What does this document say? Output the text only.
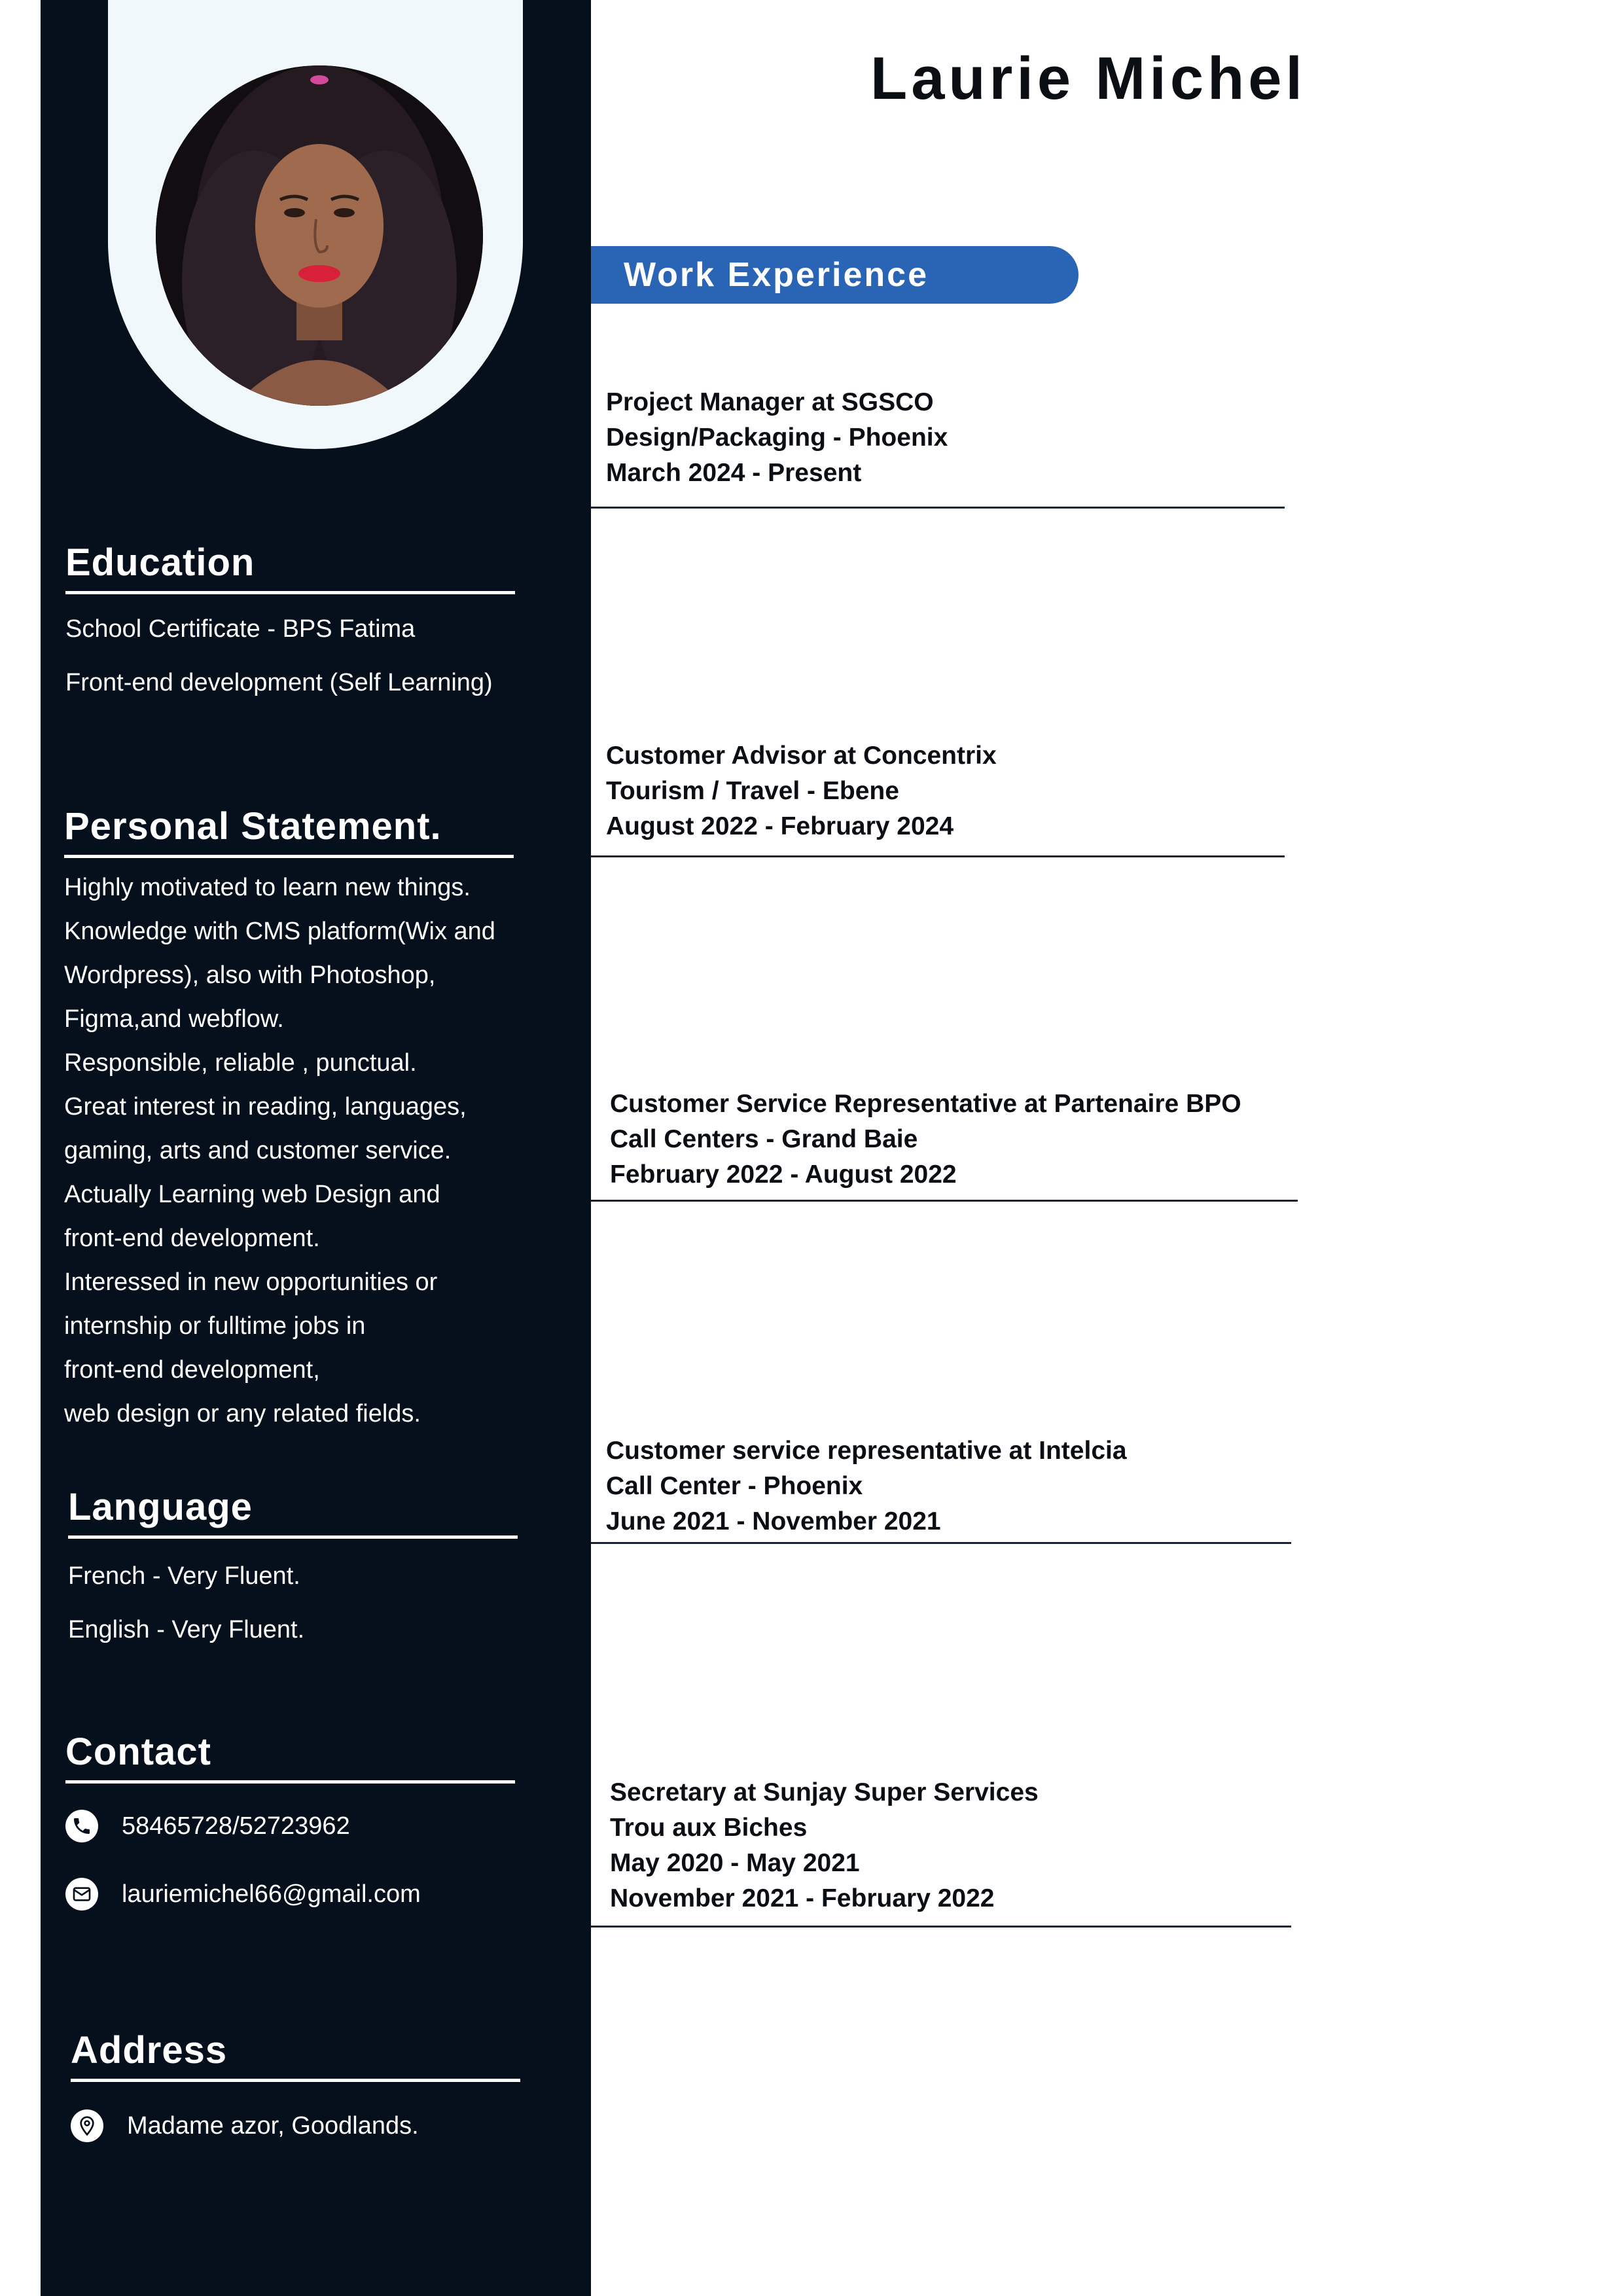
Education

School Certificate - BPS Fatima

Front-end development (Self Learning)

Personal Statement.

Highly motivated to learn new things.

Knowledge with CMS platform(Wix and

Wordpress), also with Photoshop,

Figma,and webflow.

Responsible, reliable , punctual.

Great interest in reading, languages,

gaming, arts and customer service.

Actually Learning web Design and

front-end development.

Interessed in new opportunities or

internship or fulltime jobs in

front-end development,

web design or any related fields.

Language

French - Very Fluent.

English - Very Fluent.

Contact
58465728/52723962
lauriemichel66@gmail.com
Address
Madame azor, Goodlands.
Laurie Michel
Work Experience

Project Manager at SGSCO

Design/Packaging - Phoenix

March 2024 - Present

Customer Advisor at Concentrix

Tourism / Travel - Ebene

August 2022 - February 2024

Customer Service Representative at Partenaire BPO

Call Centers - Grand Baie

February 2022 - August 2022

Customer service representative at Intelcia

Call Center - Phoenix

June 2021 - November 2021

Secretary at Sunjay Super Services

Trou aux Biches

May 2020 - May 2021

November 2021 - February 2022
